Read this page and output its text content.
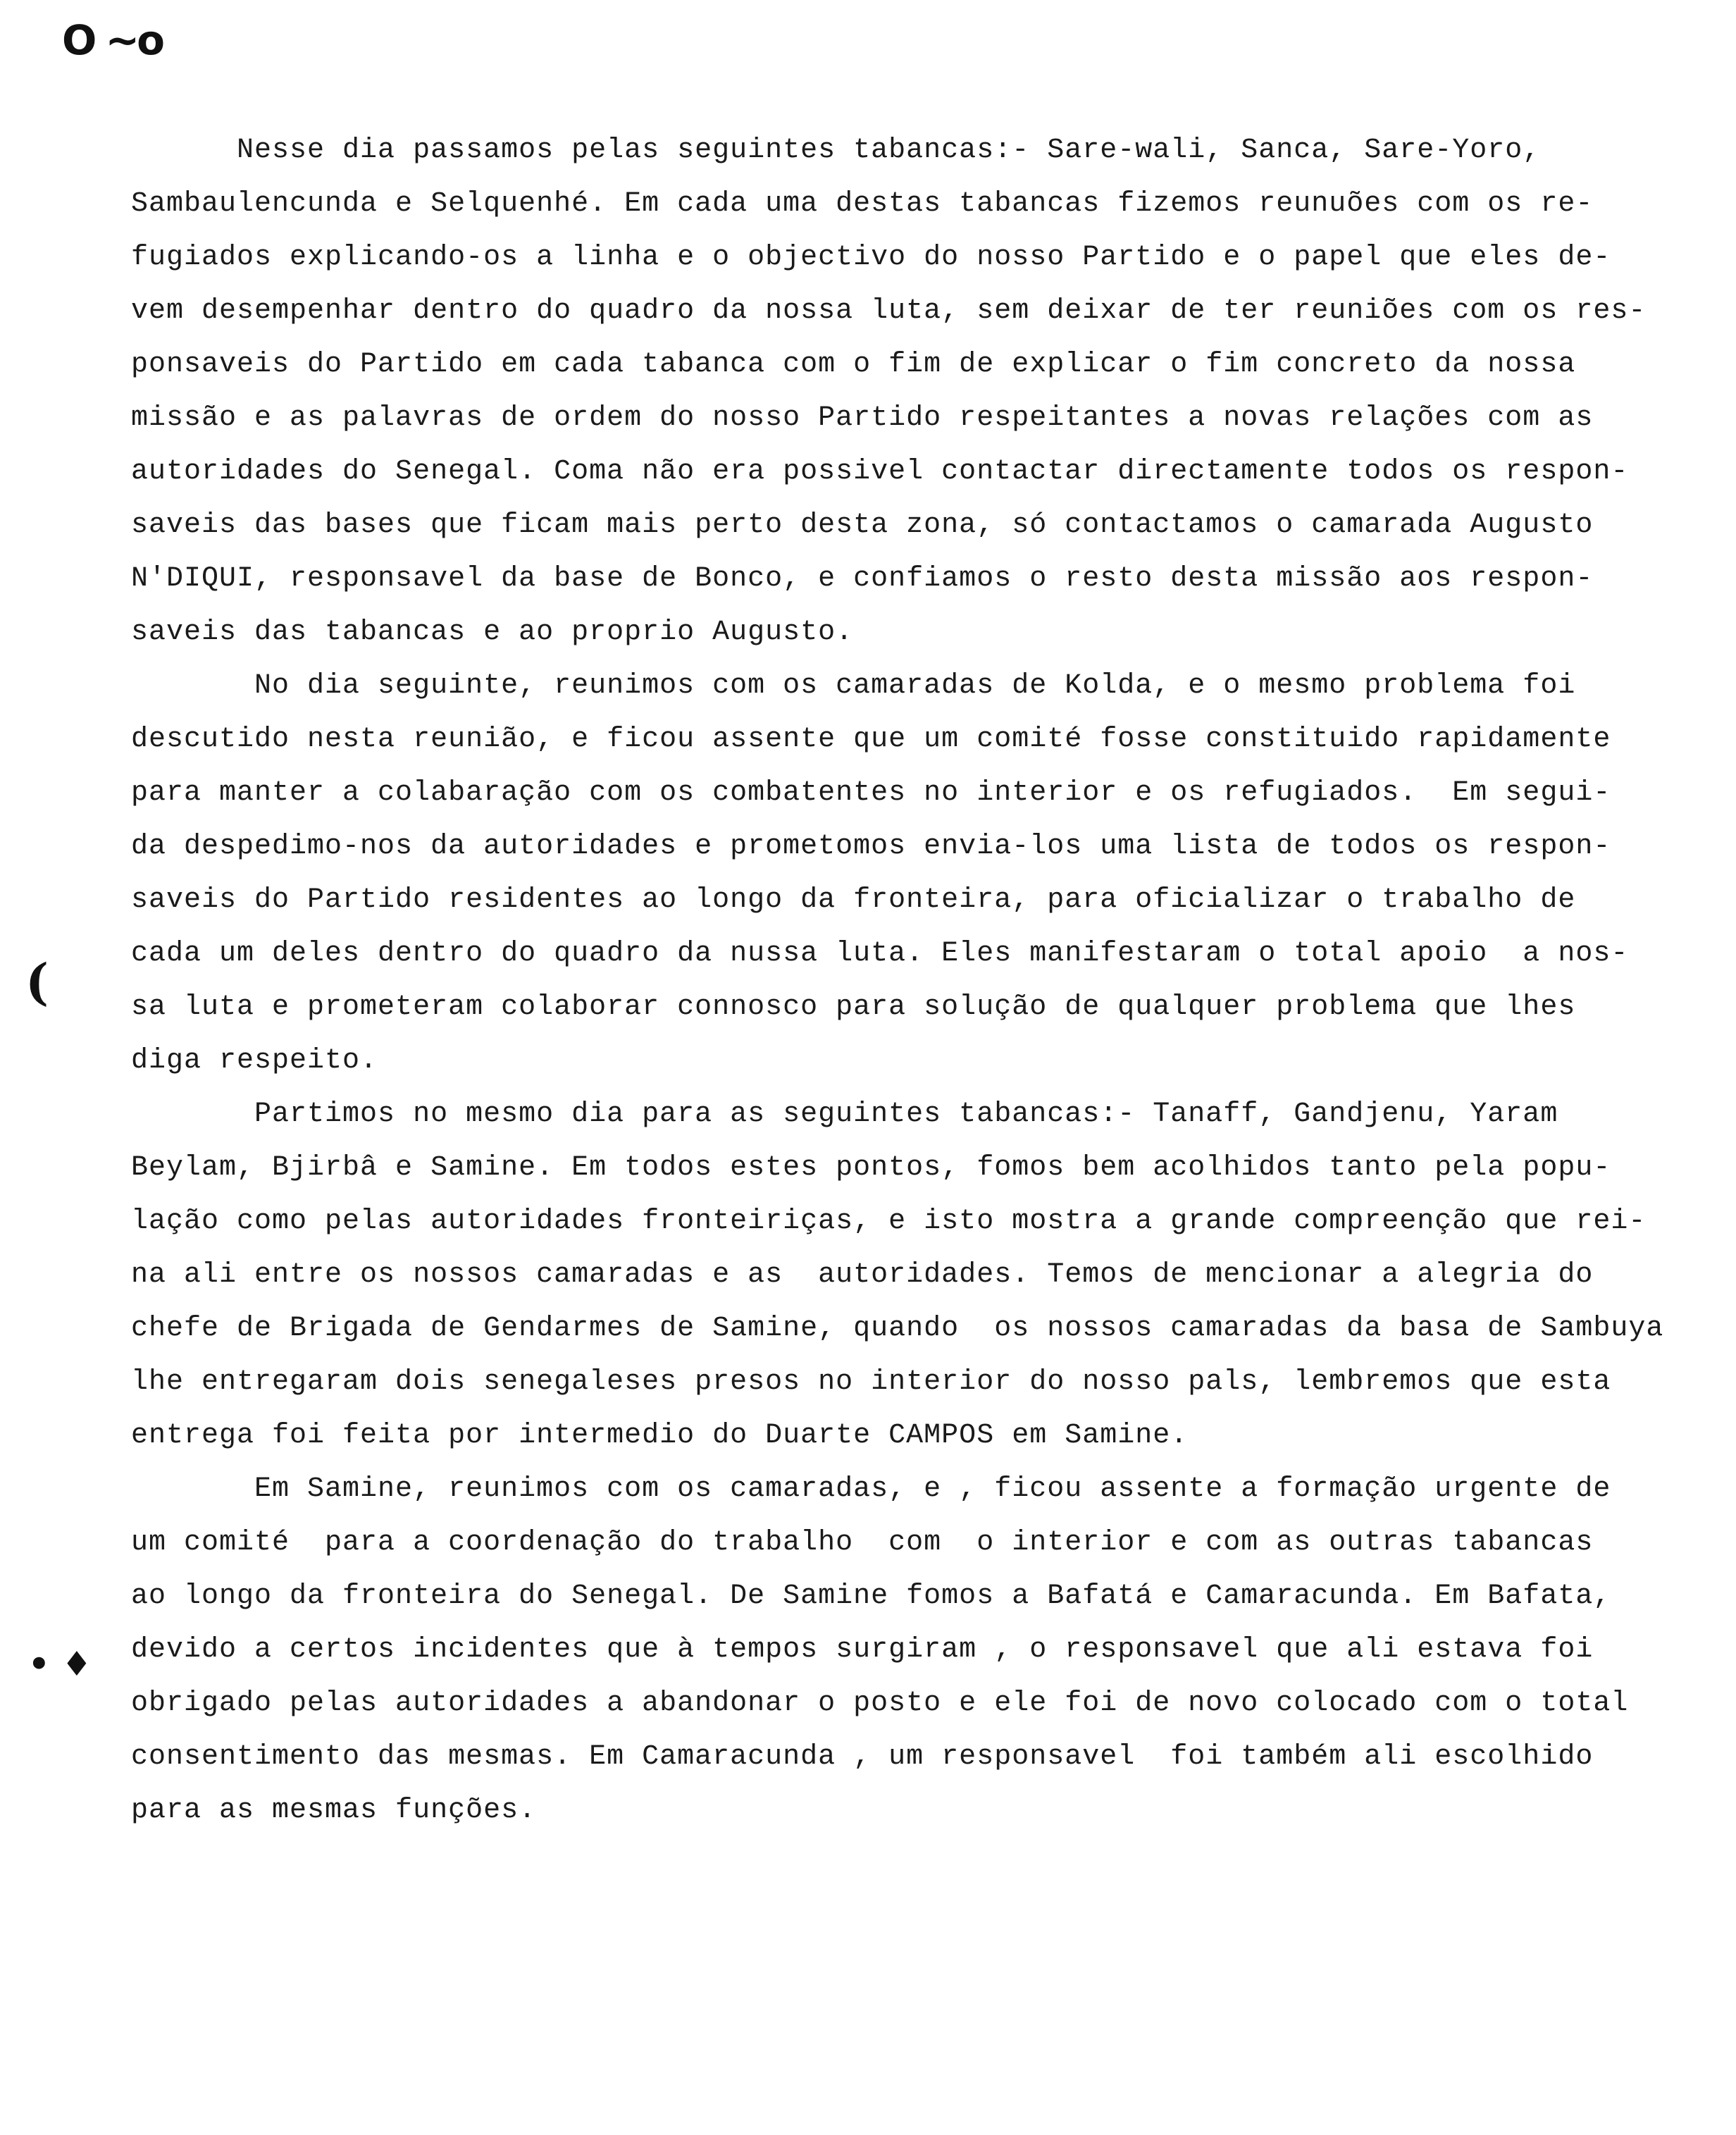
O ~o
(
• ♦
Nesse dia passamos pelas seguintes tabancas:- Sare-wali, Sanca, Sare-Yoro,
Sambaulencunda e Selquenhé. Em cada uma destas tabancas fizemos reunuões com os re-
fugiados explicando-os a linha e o objectivo do nosso Partido e o papel que eles de-
vem desempenhar dentro do quadro da nossa luta, sem deixar de ter reuniões com os res-
ponsaveis do Partido em cada tabanca com o fim de explicar o fim concreto da nossa
missão e as palavras de ordem do nosso Partido respeitantes a novas relações com as
autoridades do Senegal. Coma não era possivel contactar directamente todos os respon-
saveis das bases que ficam mais perto desta zona, só contactamos o camarada Augusto
N'DIQUI, responsavel da base de Bonco, e confiamos o resto desta missão aos respon-
saveis das tabancas e ao proprio Augusto.
No dia seguinte, reunimos com os camaradas de Kolda, e o mesmo problema foi
descutido nesta reunião, e ficou assente que um comité fosse constituido rapidamente
para manter a colabaração com os combatentes no interior e os refugiados.  Em segui-
da despedimo-nos da autoridades e prometomos envia-los uma lista de todos os respon-
saveis do Partido residentes ao longo da fronteira, para oficializar o trabalho de
cada um deles dentro do quadro da nussa luta. Eles manifestaram o total apoio  a nos-
sa luta e prometeram colaborar connosco para solução de qualquer problema que lhes
diga respeito.
Partimos no mesmo dia para as seguintes tabancas:- Tanaff, Gandjenu, Yaram
Beylam, Bjirbâ e Samine. Em todos estes pontos, fomos bem acolhidos tanto pela popu-
lação como pelas autoridades fronteiriças, e isto mostra a grande compreenção que rei-
na ali entre os nossos camaradas e as  autoridades. Temos de mencionar a alegria do
chefe de Brigada de Gendarmes de Samine, quando  os nossos camaradas da basa de Sambuya
lhe entregaram dois senegaleses presos no interior do nosso pals, lembremos que esta
entrega foi feita por intermedio do Duarte CAMPOS em Samine.
Em Samine, reunimos com os camaradas, e , ficou assente a formação urgente de
um comité  para a coordenação do trabalho  com  o interior e com as outras tabancas
ao longo da fronteira do Senegal. De Samine fomos a Bafatá e Camaracunda. Em Bafata,
devido a certos incidentes que à tempos surgiram , o responsavel que ali estava foi
obrigado pelas autoridades a abandonar o posto e ele foi de novo colocado com o total
consentimento das mesmas. Em Camaracunda , um responsavel  foi também ali escolhido
para as mesmas funções.
